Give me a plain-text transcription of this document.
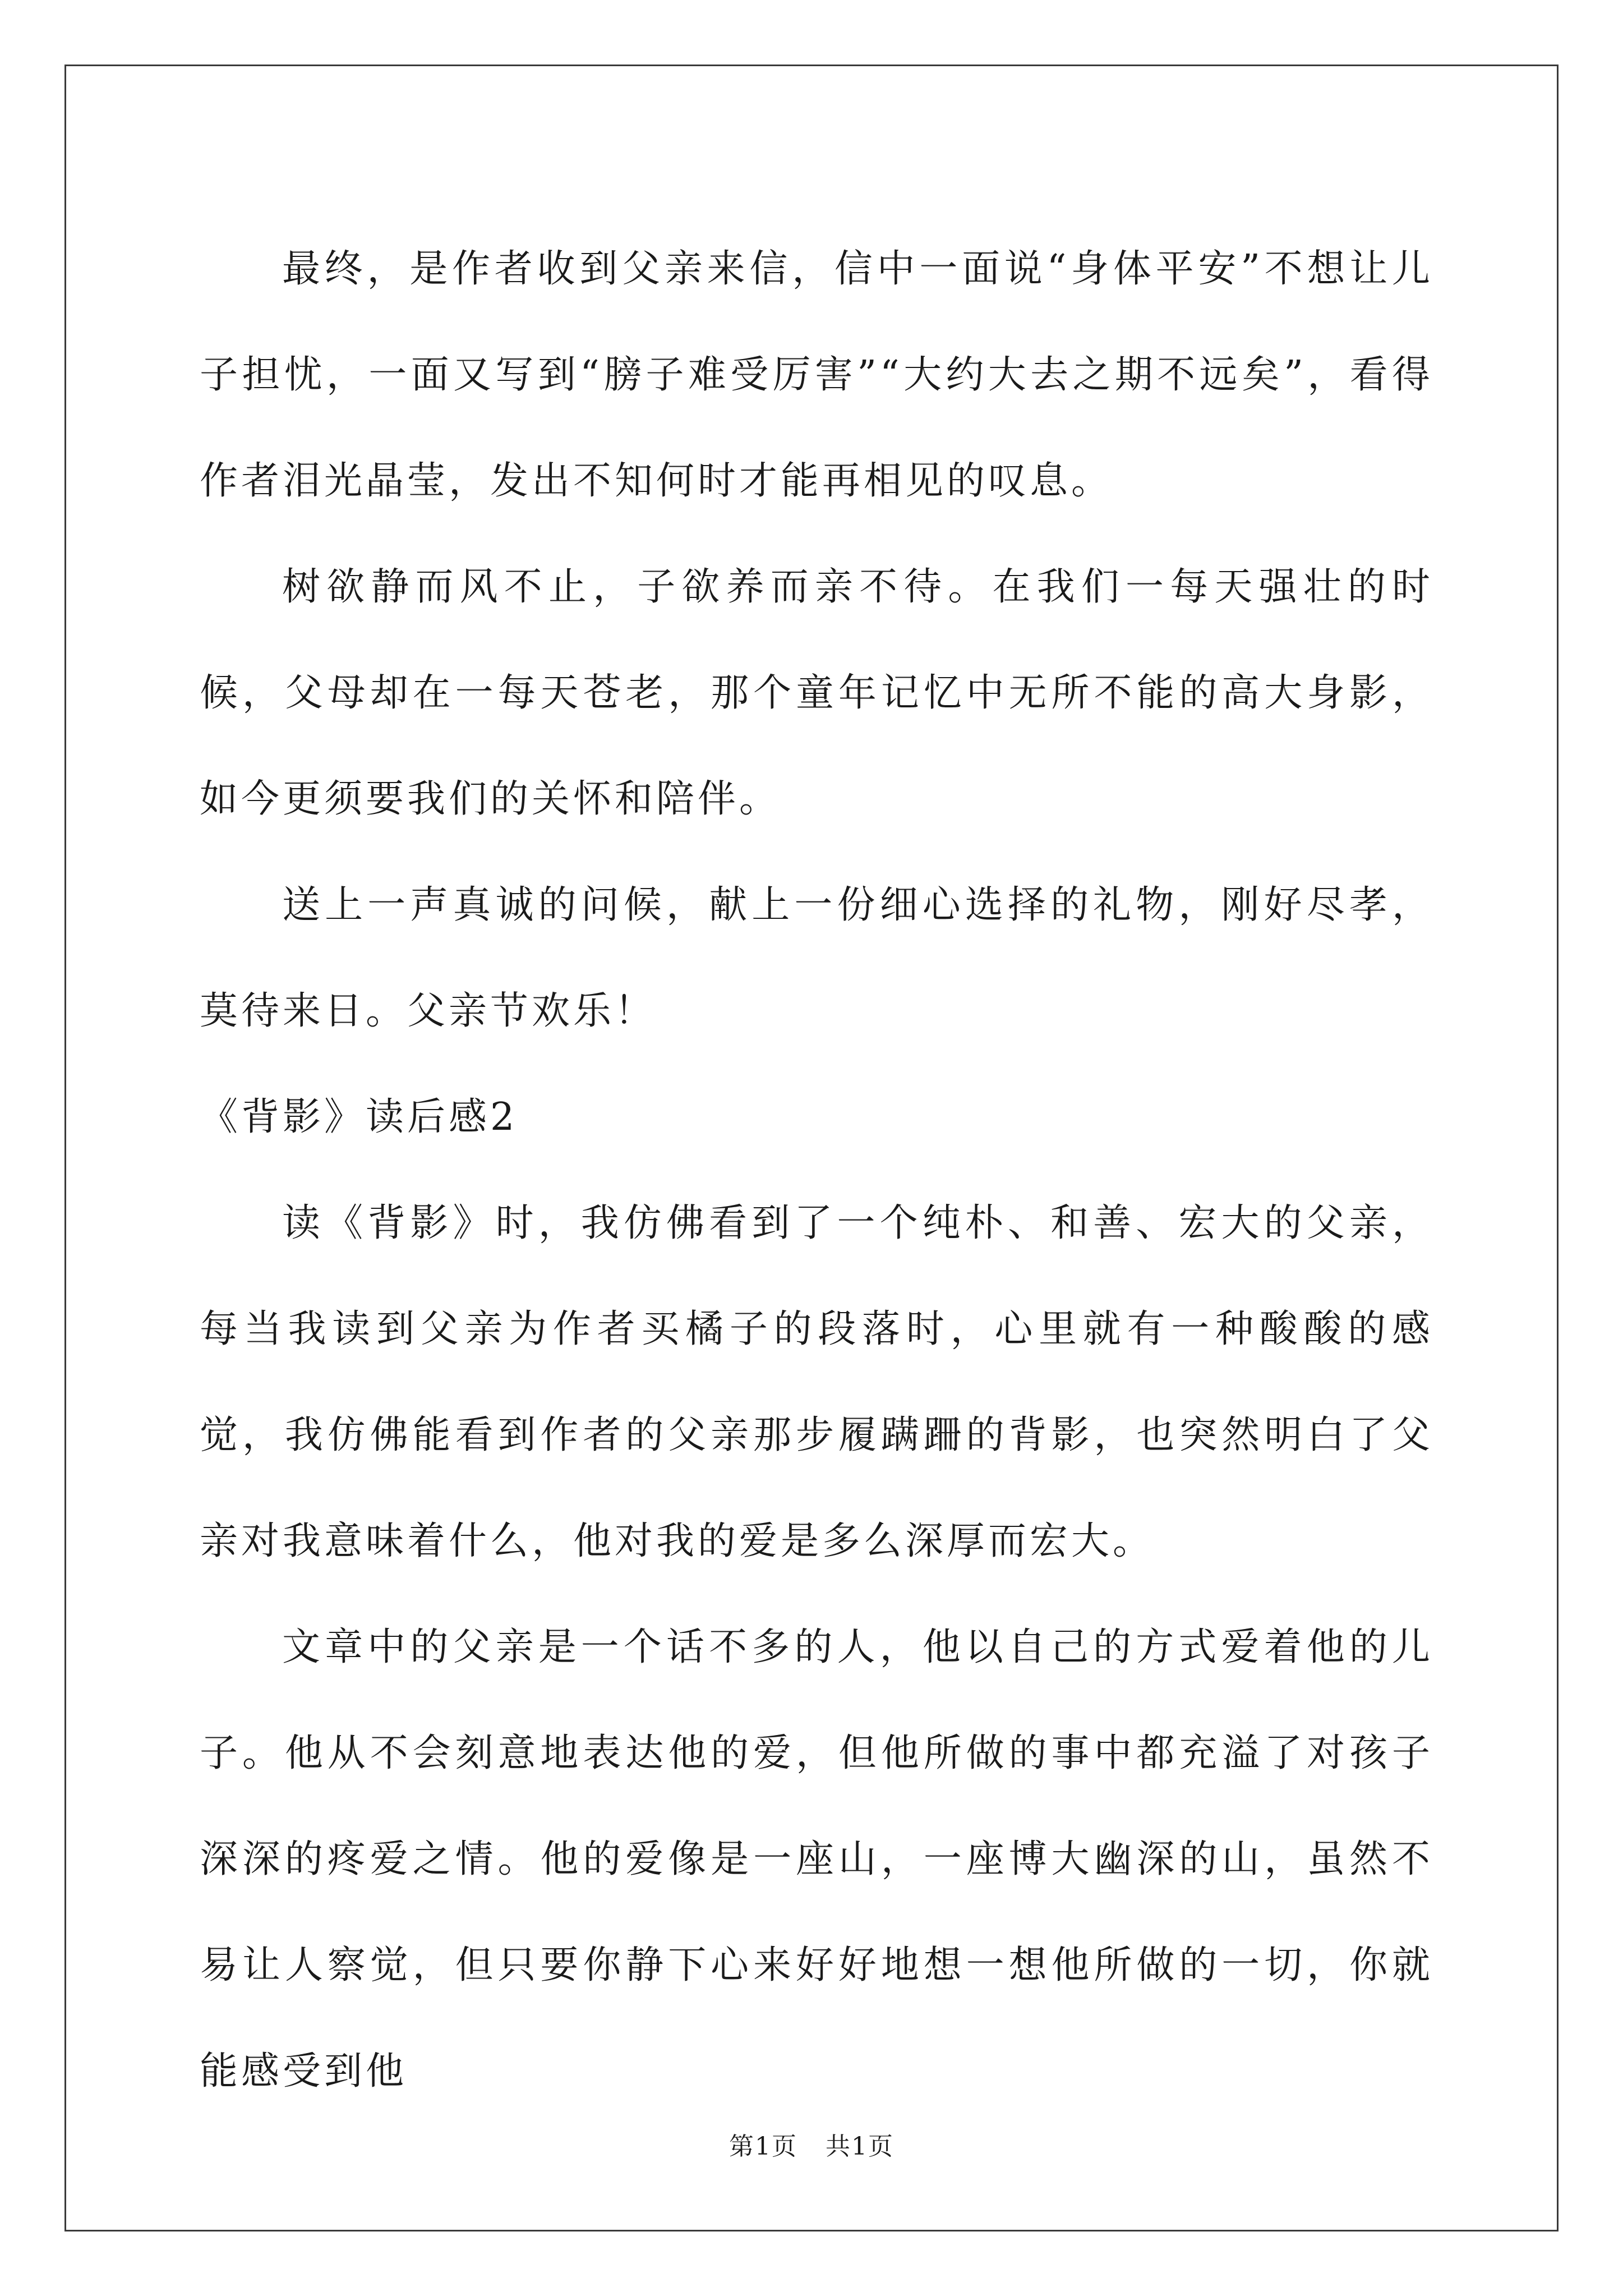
最终，是作者收到父亲来信，信中一面说“身体平安”不想让儿子担忧，一面又写到“膀子难受厉害”“大约大去之期不远矣”，看得作者泪光晶莹，发出不知何时才能再相见的叹息。

树欲静而风不止，子欲养而亲不待。在我们一每天强壮的时候，父母却在一每天苍老，那个童年记忆中无所不能的高大身影，如今更须要我们的关怀和陪伴。

送上一声真诚的问候，献上一份细心选择的礼物，刚好尽孝，莫待来日。父亲节欢乐！

《背影》读后感2

读《背影》时，我仿佛看到了一个纯朴、和善、宏大的父亲，每当我读到父亲为作者买橘子的段落时，心里就有一种酸酸的感觉，我仿佛能看到作者的父亲那步履蹒跚的背影，也突然明白了父亲对我意味着什么，他对我的爱是多么深厚而宏大。

文章中的父亲是一个话不多的人，他以自己的方式爱着他的儿子。他从不会刻意地表达他的爱，但他所做的事中都充溢了对孩子深深的疼爱之情。他的爱像是一座山，一座博大幽深的山，虽然不易让人察觉，但只要你静下心来好好地想一想他所做的一切，你就能感受到他

第1页 共1页
